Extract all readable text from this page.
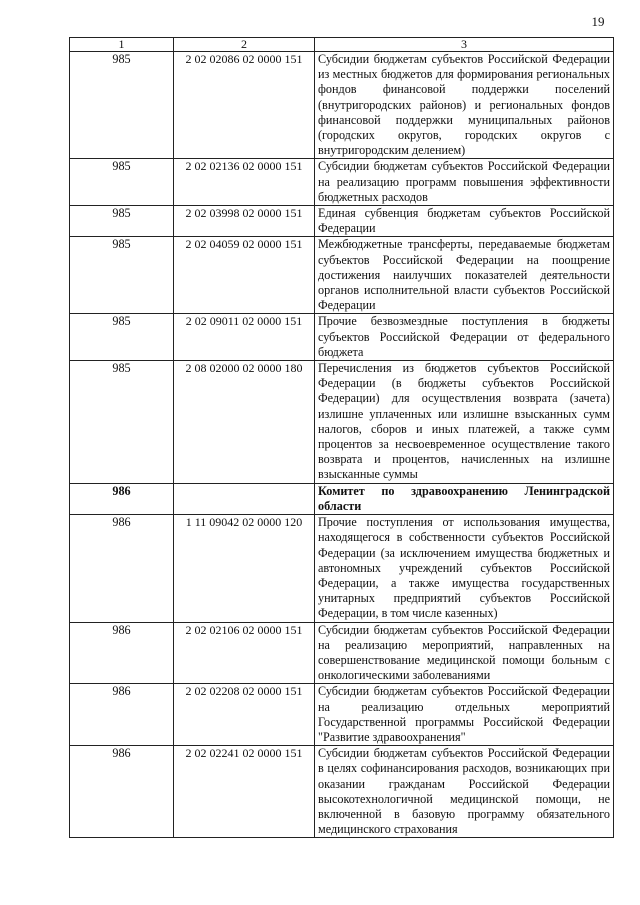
19
1	2	3
985	2 02 02086 02 0000 151	Субсидии бюджетам субъектов Российской Федерации из местных бюджетов для формирования региональных фондов финансовой поддержки поселений (внутригородских районов) и региональных фондов финансовой поддержки муниципальных районов (городских округов, городских округов с внутригородским делением)
985	2 02 02136 02 0000 151	Субсидии бюджетам субъектов Российской Федерации на реализацию программ повышения эффективности бюджетных расходов
985	2 02 03998 02 0000 151	Единая субвенция бюджетам субъектов Российской Федерации
985	2 02 04059 02 0000 151	Межбюджетные трансферты, передаваемые бюджетам субъектов Российской Федерации на поощрение достижения наилучших показателей деятельности органов исполнительной власти субъектов Российской Федерации
985	2 02 09011 02 0000 151	Прочие безвозмездные поступления в бюджеты субъектов Российской Федерации от федерального бюджета
985	2 08 02000 02 0000 180	Перечисления из бюджетов субъектов Российской Федерации (в бюджеты субъектов Российской Федерации) для осуществления возврата (зачета) излишне уплаченных или излишне взысканных сумм налогов, сборов и иных платежей, а также сумм процентов за несвоевременное осуществление такого возврата и процентов, начисленных на излишне взысканные суммы
986		Комитет по здравоохранению Ленинградской области
986	1 11 09042 02 0000 120	Прочие поступления от использования имущества, находящегося в собственности субъектов Российской Федерации (за исключением имущества бюджетных и автономных учреждений субъектов Российской Федерации, а также имущества государственных унитарных предприятий субъектов Российской Федерации, в том числе казенных)
986	2 02 02106 02 0000 151	Субсидии бюджетам субъектов Российской Федерации на реализацию мероприятий, направленных на совершенствование медицинской помощи больным с онкологическими заболеваниями
986	2 02 02208 02 0000 151	Субсидии бюджетам субъектов Российской Федерации на реализацию отдельных мероприятий Государственной программы Российской Федерации "Развитие здравоохранения"
986	2 02 02241 02 0000 151	Субсидии бюджетам субъектов Российской Федерации в целях софинансирования расходов, возникающих при оказании гражданам Российской Федерации высокотехнологичной медицинской помощи, не включенной в базовую программу обязательного медицинского страхования
